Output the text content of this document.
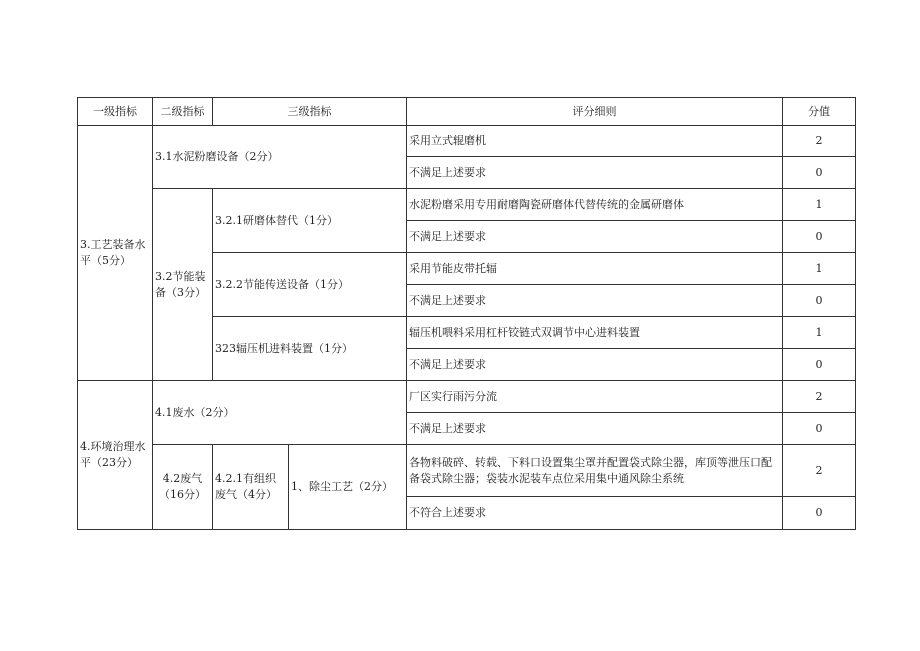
一级指标	二级指标	三级指标		评分细则	分值
3.工艺装备水平（5分）	3.1水泥粉磨设备（2分）			采用立式辊磨机	2
				不满足上述要求	0
	3.2节能装备（3分）	3.2.1研磨体替代（1分）		水泥粉磨采用专用耐磨陶瓷研磨体代替传统的金属研磨体	1
				不满足上述要求	0
		3.2.2节能传送设备（1分）		采用节能皮带托辐	1
				不满足上述要求	0
		323辐压机进料装置（1分）		辐压机喂料采用杠杆铰链式双调节中心进料装置	1
				不满足上述要求	0
4.环境治理水平（23分）	4.1废水（2分）			厂区实行雨污分流	2
				不满足上述要求	0
	4.2废气（16分）	4.2.1有组织废气（4分）	1、除尘工艺（2分）	各物料破碎、转载、下料口设置集尘罩并配置袋式除尘器，库顶等泄压口配备袋式除尘器；袋装水泥装车点位采用集中通风除尘系统	2
				不符合上述要求	0
